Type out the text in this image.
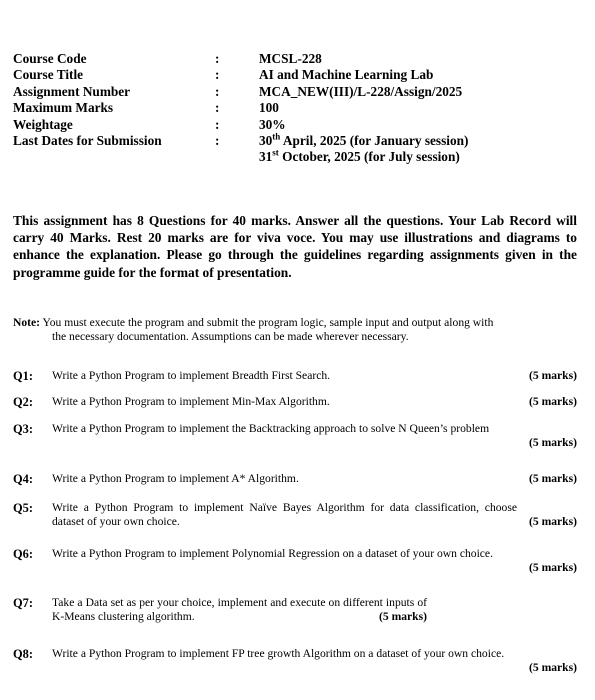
Course Code	:	MCSL-228
Course Title	:	AI and Machine Learning Lab
Assignment Number	:	MCA_NEW(III)/L-228/Assign/2025
Maximum Marks	:	100
Weightage	:	30%
Last Dates for Submission	:	30th April, 2025 (for January session)
31st October, 2025 (for July session)
This assignment has 8 Questions for 40 marks. Answer all the questions. Your Lab Record will carry 40 Marks. Rest 20 marks are for viva voce. You may use illustrations and diagrams to enhance the explanation. Please go through the guidelines regarding assignments given in the programme guide for the format of presentation.
Note: You must execute the program and submit the program logic, sample input and output along with
the necessary documentation. Assumptions can be made wherever necessary.
Q1: Write a Python Program to implement Breadth First Search.	(5 marks)
Q2: Write a Python Program to implement Min-Max Algorithm.	(5 marks)
Q3: Write a Python Program to implement the Backtracking approach to solve N Queen’s problem
(5 marks)
Q4: Write a Python Program to implement A* Algorithm.	(5 marks)
Q5: Write a Python Program to implement Naïve Bayes Algorithm for data classification, choose dataset of your own choice.	(5 marks)
Q6: Write a Python Program to implement Polynomial Regression on a dataset of your own choice.
(5 marks)
Q7: Take a Data set as per your choice, implement and execute on different inputs of K-Means clustering algorithm.	(5 marks)
Q8: Write a Python Program to implement FP tree growth Algorithm on a dataset of your own choice.
(5 marks)
